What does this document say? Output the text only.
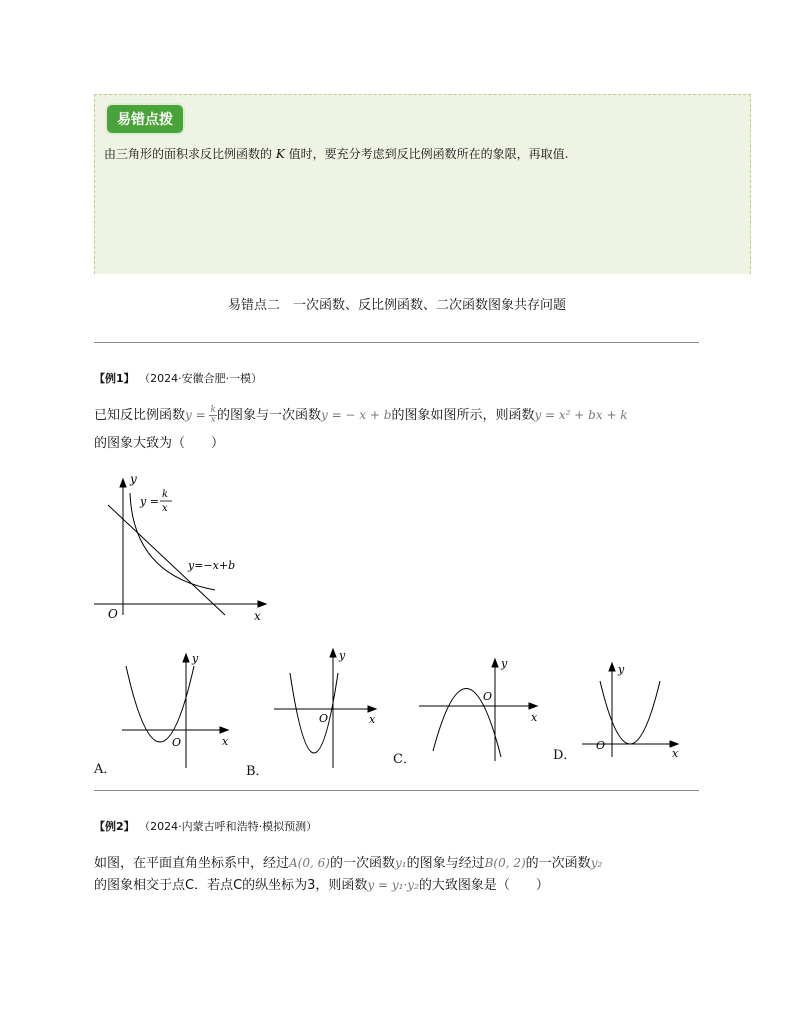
易错点拨
由三角形的面积求反比例函数的 K 值时，要充分考虑到反比例函数所在的象限，再取值.
易错点二　一次函数、反比例函数、二次函数图象共存问题
【例1】 （2024·安徽合肥·一模）
已知反比例函数$y = \frac{k}{x}$ 的图象与一次函数y = − x + b的图象如图所示，则函数y = x² + bx + k
的图象大致为（　　）
y
x
O
y =
k
x
y=−x+b
y
x
O
A．
y
x
O
B．
y
x
O
C．
y
x
O
D．
【例2】 （2024·内蒙古呼和浩特·模拟预测）
如图，在平面直角坐标系中，经过A(0, 6)的一次函数y₁的图象与经过B(0, 2)的一次函数y₂
的图象相交于点C．若点C的纵坐标为3，则函数y = y₁·y₂的大致图象是（　　）
